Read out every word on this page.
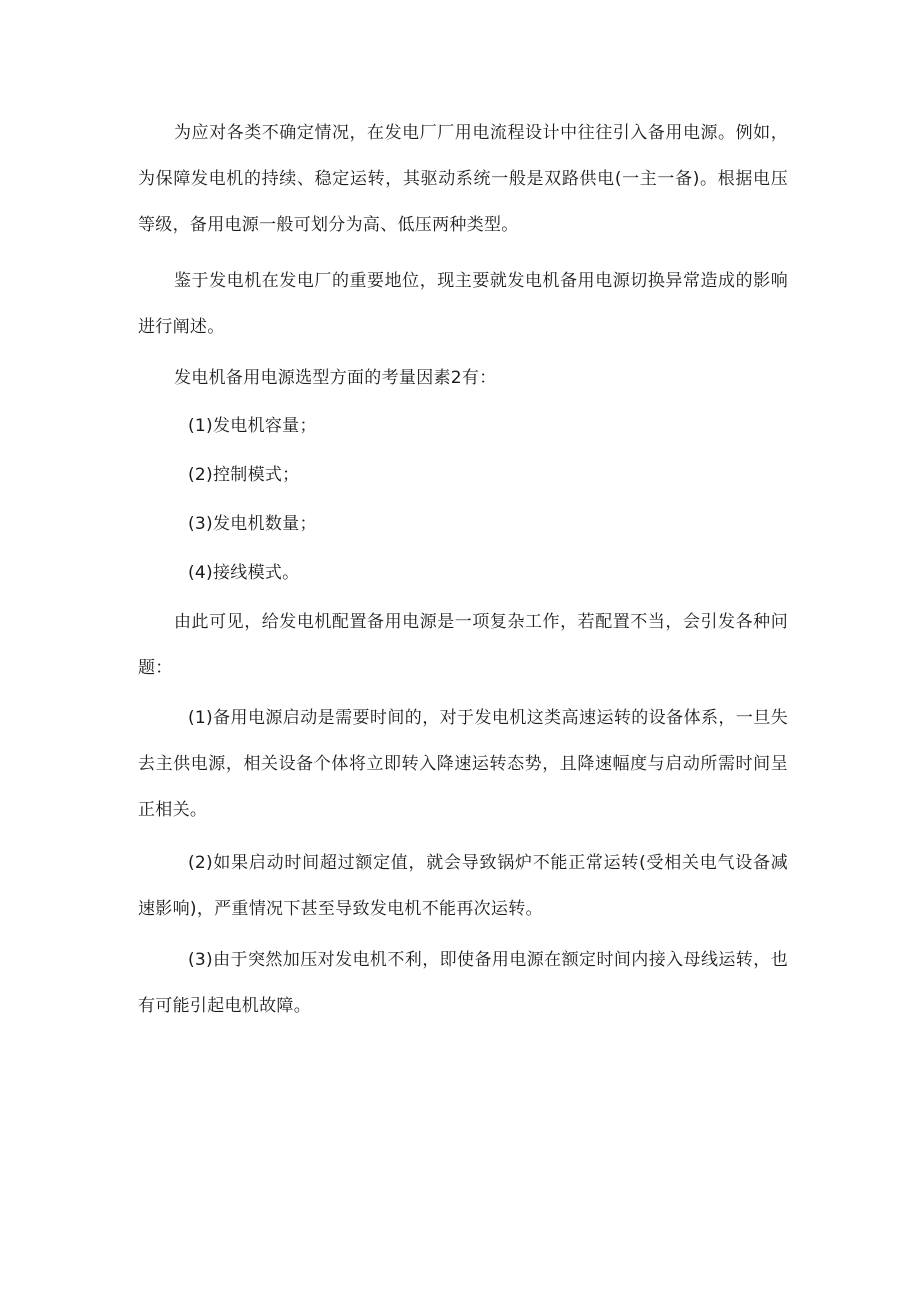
为应对各类不确定情况，在发电厂厂用电流程设计中往往引入备用电源。例如，为保障发电机的持续、稳定运转，其驱动系统一般是双路供电(一主一备)。根据电压等级，备用电源一般可划分为高、低压两种类型。

鉴于发电机在发电厂的重要地位，现主要就发电机备用电源切换异常造成的影响进行阐述。

发电机备用电源选型方面的考量因素2有：

(1)发电机容量；

(2)控制模式；

(3)发电机数量；

(4)接线模式。

由此可见，给发电机配置备用电源是一项复杂工作，若配置不当，会引发各种问题：

(1)备用电源启动是需要时间的，对于发电机这类高速运转的设备体系，一旦失去主供电源，相关设备个体将立即转入降速运转态势，且降速幅度与启动所需时间呈正相关。

(2)如果启动时间超过额定值，就会导致锅炉不能正常运转(受相关电气设备减速影响)，严重情况下甚至导致发电机不能再次运转。

(3)由于突然加压对发电机不利，即使备用电源在额定时间内接入母线运转，也有可能引起电机故障。
